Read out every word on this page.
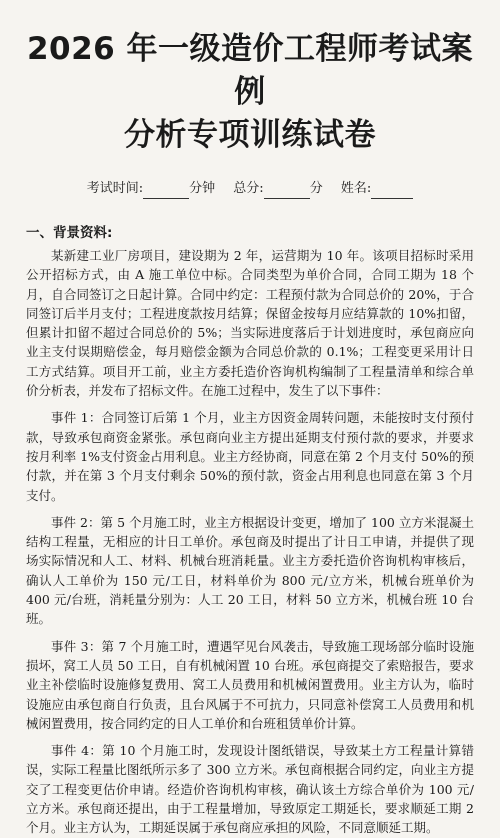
2026 年一级造价工程师考试案例
分析专项训练试卷
考试时间:	分钟 总分:	分 姓名:
一、背景资料:

某新建工业厂房项目，建设期为 2 年，运营期为 10 年。该项目招标时采用公开招标方式，由 A 施工单位中标。合同类型为单价合同，合同工期为 18 个月，自合同签订之日起计算。合同中约定：工程预付款为合同总价的 20%，于合同签订后半月支付；工程进度款按月结算；保留金按每月应结算款的 10%扣留，但累计扣留不超过合同总价的 5%；当实际进度落后于计划进度时，承包商应向业主支付误期赔偿金，每月赔偿金额为合同总价款的 0.1%；工程变更采用计日工方式结算。项目开工前，业主方委托造价咨询机构编制了工程量清单和综合单价分析表，并发布了招标文件。在施工过程中，发生了以下事件：

事件 1：合同签订后第 1 个月，业主方因资金周转问题，未能按时支付预付款，导致承包商资金紧张。承包商向业主方提出延期支付预付款的要求，并要求按月利率 1%支付资金占用利息。业主方经协商，同意在第 2 个月支付 50%的预付款，并在第 3 个月支付剩余 50%的预付款，资金占用利息也同意在第 3 个月支付。

事件 2：第 5 个月施工时，业主方根据设计变更，增加了 100 立方米混凝土结构工程量，无相应的计日工单价。承包商及时提出了计日工申请，并提供了现场实际情况和人工、材料、机械台班消耗量。业主方委托造价咨询机构审核后，确认人工单价为 150 元/工日，材料单价为 800 元/立方米，机械台班单价为 400 元/台班，消耗量分别为：人工 20 工日，材料 50 立方米，机械台班 10 台班。

事件 3：第 7 个月施工时，遭遇罕见台风袭击，导致施工现场部分临时设施损坏，窝工人员 50 工日，自有机械闲置 10 台班。承包商提交了索赔报告，要求业主补偿临时设施修复费用、窝工人员费用和机械闲置费用。业主方认为，临时设施应由承包商自行负责，且台风属于不可抗力，只同意补偿窝工人员费用和机械闲置费用，按合同约定的日人工单价和台班租赁单价计算。

事件 4：第 10 个月施工时，发现设计图纸错误，导致某土方工程量计算错误，实际工程量比图纸所示多了 300 立方米。承包商根据合同约定，向业主方提交了工程变更估价申请。经造价咨询机构审核，确认该土方综合单价为 100 元/立方米。承包商还提出，由于工程量增加，导致原定工期延长，要求顺延工期 2 个月。业主方认为，工期延误属于承包商应承担的风险，不同意顺延工期。
